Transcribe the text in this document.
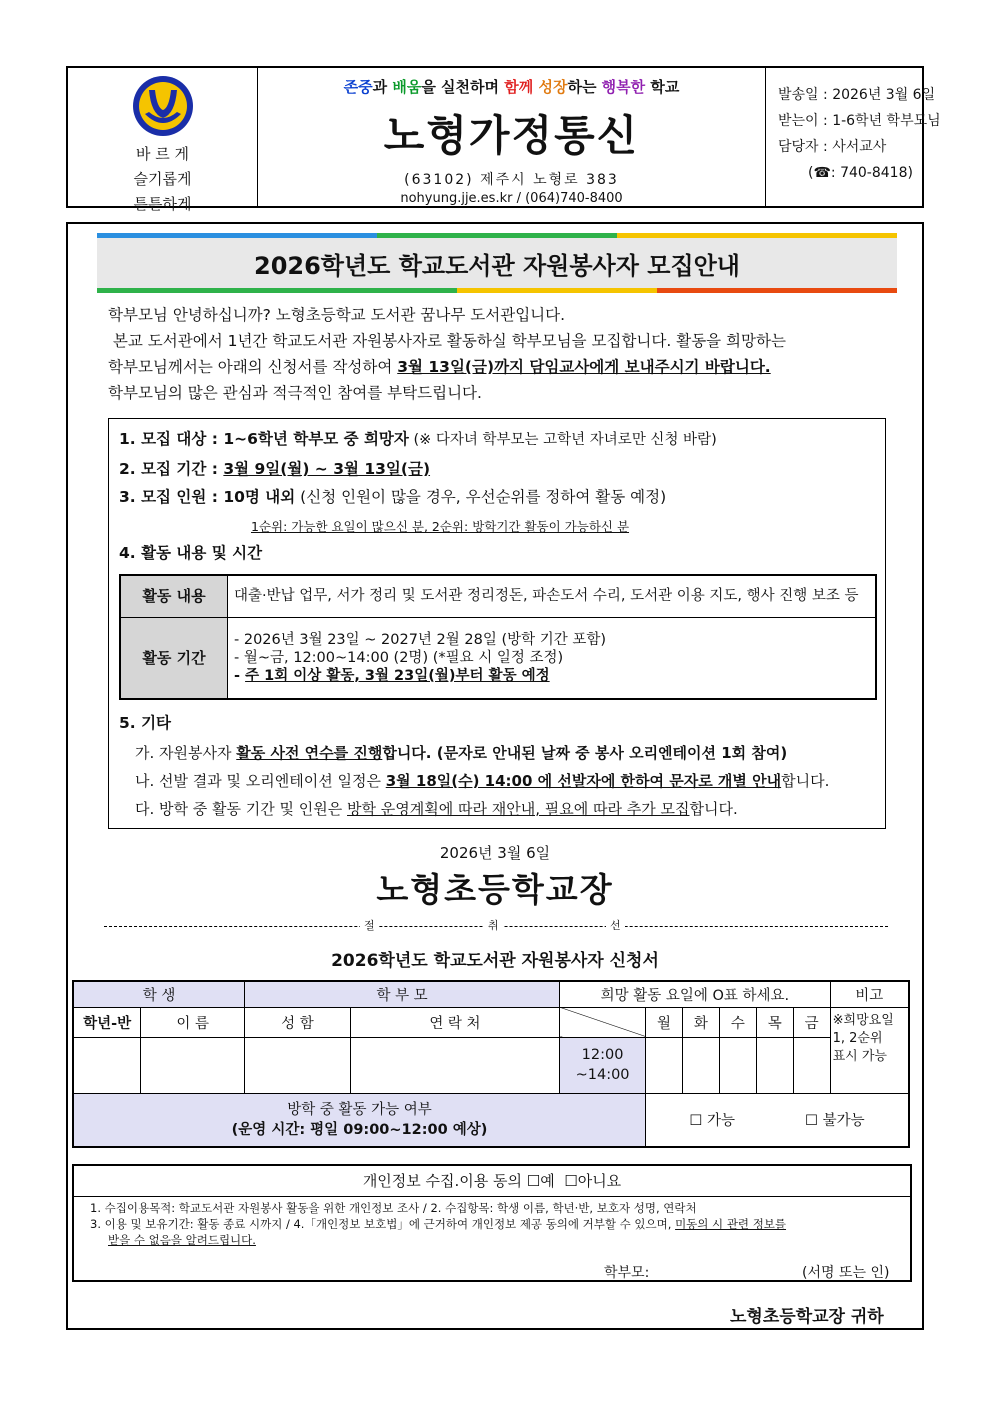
바 르 게
슬기롭게
튼튼하게
존중과 배움을 실천하며 함께 성장하는 행복한 학교
노형가정통신
(63102) 제주시 노형로 383
nohyung.jje.es.kr / (064)740-8400
발송일 : 2026년 3월 6일
받는이 : 1-6학년 학부모님
담당자 : 사서교사
(☎: 740-8418)
2026학년도 학교도서관 자원봉사자 모집안내
학부모님 안녕하십니까? 노형초등학교 도서관 꿈나무 도서관입니다.
본교 도서관에서 1년간 학교도서관 자원봉사자로 활동하실 학부모님을 모집합니다. 활동을 희망하는
학부모님께서는 아래의 신청서를 작성하여 3월 13일(금)까지 담임교사에게 보내주시기 바랍니다.
학부모님의 많은 관심과 적극적인 참여를 부탁드립니다.
1. 모집 대상 : 1~6학년 학부모 중 희망자 (※ 다자녀 학부모는 고학년 자녀로만 신청 바람)
2. 모집 기간 : 3월 9일(월) ~ 3월 13일(금)
3. 모집 인원 : 10명 내외 (신청 인원이 많을 경우, 우선순위를 정하여 활동 예정)
1순위: 가능한 요일이 많으신 분, 2순위: 방학기간 활동이 가능하신 분
4. 활동 내용 및 시간
활동 내용	대출·반납 업무, 서가 정리 및 도서관 정리정돈, 파손도서 수리, 도서관 이용 지도, 행사 진행 보조 등
활동 기간	- 2026년 3월 23일 ~ 2027년 2월 28일 (방학 기간 포함)
- 월~금, 12:00~14:00 (2명) (*필요 시 일정 조정)
- 주 1회 이상 활동, 3월 23일(월)부터 활동 예정
5. 기타
가. 자원봉사자 활동 사전 연수를 진행합니다. (문자로 안내된 날짜 중 봉사 오리엔테이션 1회 참여)
나. 선발 결과 및 오리엔테이션 일정은 3월 18일(수) 14:00 에 선발자에 한하여 문자로 개별 안내합니다.
다. 방학 중 활동 기간 및 인원은 방학 운영계획에 따라 재안내, 필요에 따라 추가 모집합니다.
2026년 3월 6일
노형초등학교장
절	취	선
2026학년도 학교도서관 자원봉사자 신청서
학 생		학 부 모		희망 활동 요일에 O표 하세요.						비고
학년-반	이 름	성 함	연 락 처		월	화	수	목	금	※희망요일
1, 2순위
표시 가능

				12:00
~14:00						

방학 중 활동 가능 여부
(운영 시간: 평일 09:00~12:00 예상)					☐ 가능 ☐ 불가능					
개인정보 수집.이용 동의 ☐예  ☐아니요
1. 수집이용목적: 학교도서관 자원봉사 활동을 위한 개인정보 조사 / 2. 수집항목: 학생 이름, 학년·반, 보호자 성명, 연락처
3. 이용 및 보유기간: 활동 종료 시까지 / 4.「개인정보 보호법」에 근거하여 개인정보 제공 동의에 거부할 수 있으며, 미동의 시 관련 정보를
받을 수 없음을 알려드립니다.
학부모:	(서명 또는 인)
노형초등학교장 귀하
